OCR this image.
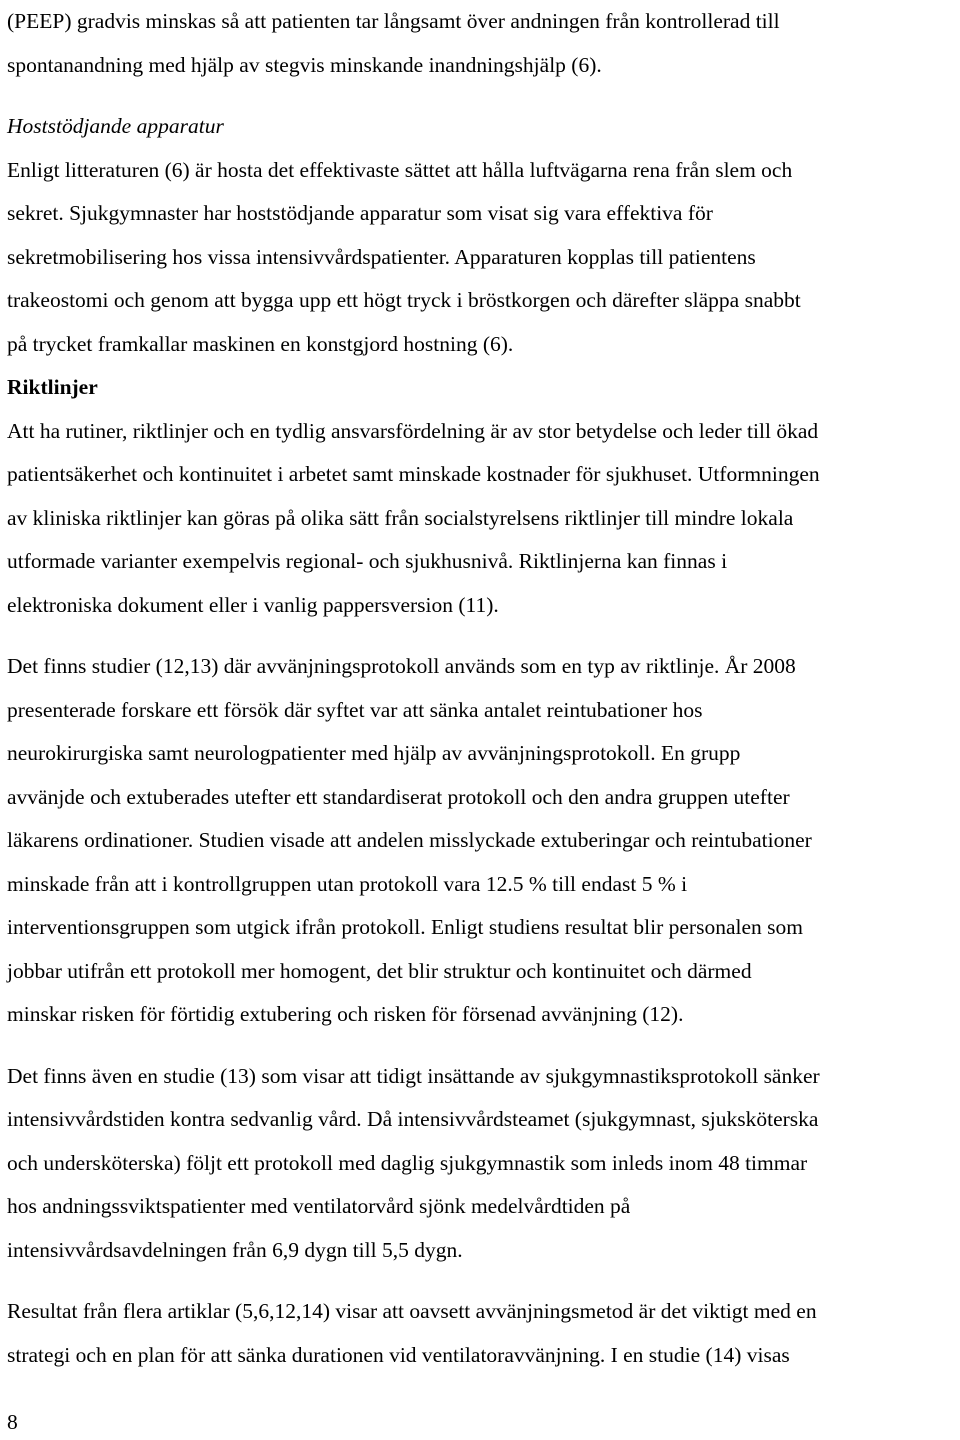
(PEEP) gradvis minskas så att patienten tar långsamt över andningen från kontrollerad till
spontanandning med hjälp av stegvis minskande inandningshjälp (6).

Hoststödjande apparatur
Enligt litteraturen (6) är hosta det effektivaste sättet att hålla luftvägarna rena från slem och
sekret. Sjukgymnaster har hoststödjande apparatur som visat sig vara effektiva för
sekretmobilisering hos vissa intensivvårdspatienter. Apparaturen kopplas till patientens
trakeostomi och genom att bygga upp ett högt tryck i bröstkorgen och därefter släppa snabbt
på trycket framkallar maskinen en konstgjord hostning (6).

Riktlinjer
Att ha rutiner, riktlinjer och en tydlig ansvarsfördelning är av stor betydelse och leder till ökad
patientsäkerhet och kontinuitet i arbetet samt minskade kostnader för sjukhuset. Utformningen
av kliniska riktlinjer kan göras på olika sätt från socialstyrelsens riktlinjer till mindre lokala
utformade varianter exempelvis regional- och sjukhusnivå. Riktlinjerna kan finnas i
elektroniska dokument eller i vanlig pappersversion (11).

Det finns studier (12,13) där avvänjningsprotokoll används som en typ av riktlinje. År 2008
presenterade forskare ett försök där syftet var att sänka antalet reintubationer hos
neurokirurgiska samt neurologpatienter med hjälp av avvänjningsprotokoll. En grupp
avvänjde och extuberades utefter ett standardiserat protokoll och den andra gruppen utefter
läkarens ordinationer. Studien visade att andelen misslyckade extuberingar och reintubationer
minskade från att i kontrollgruppen utan protokoll vara 12.5 % till endast 5 % i
interventionsgruppen som utgick ifrån protokoll. Enligt studiens resultat blir personalen som
jobbar utifrån ett protokoll mer homogent, det blir struktur och kontinuitet och därmed
minskar risken för förtidig extubering och risken för försenad avvänjning (12).

Det finns även en studie (13) som visar att tidigt insättande av sjukgymnastiksprotokoll sänker
intensivvårdstiden kontra sedvanlig vård. Då intensivvårdsteamet (sjukgymnast, sjuksköterska
och undersköterska) följt ett protokoll med daglig sjukgymnastik som inleds inom 48 timmar
hos andningssviktspatienter med ventilatorvård sjönk medelvårdtiden på
intensivvårdsavdelningen från 6,9 dygn till 5,5 dygn.

Resultat från flera artiklar (5,6,12,14) visar att oavsett avvänjningsmetod är det viktigt med en
strategi och en plan för att sänka durationen vid ventilatoravvänjning. I en studie (14) visas

8
